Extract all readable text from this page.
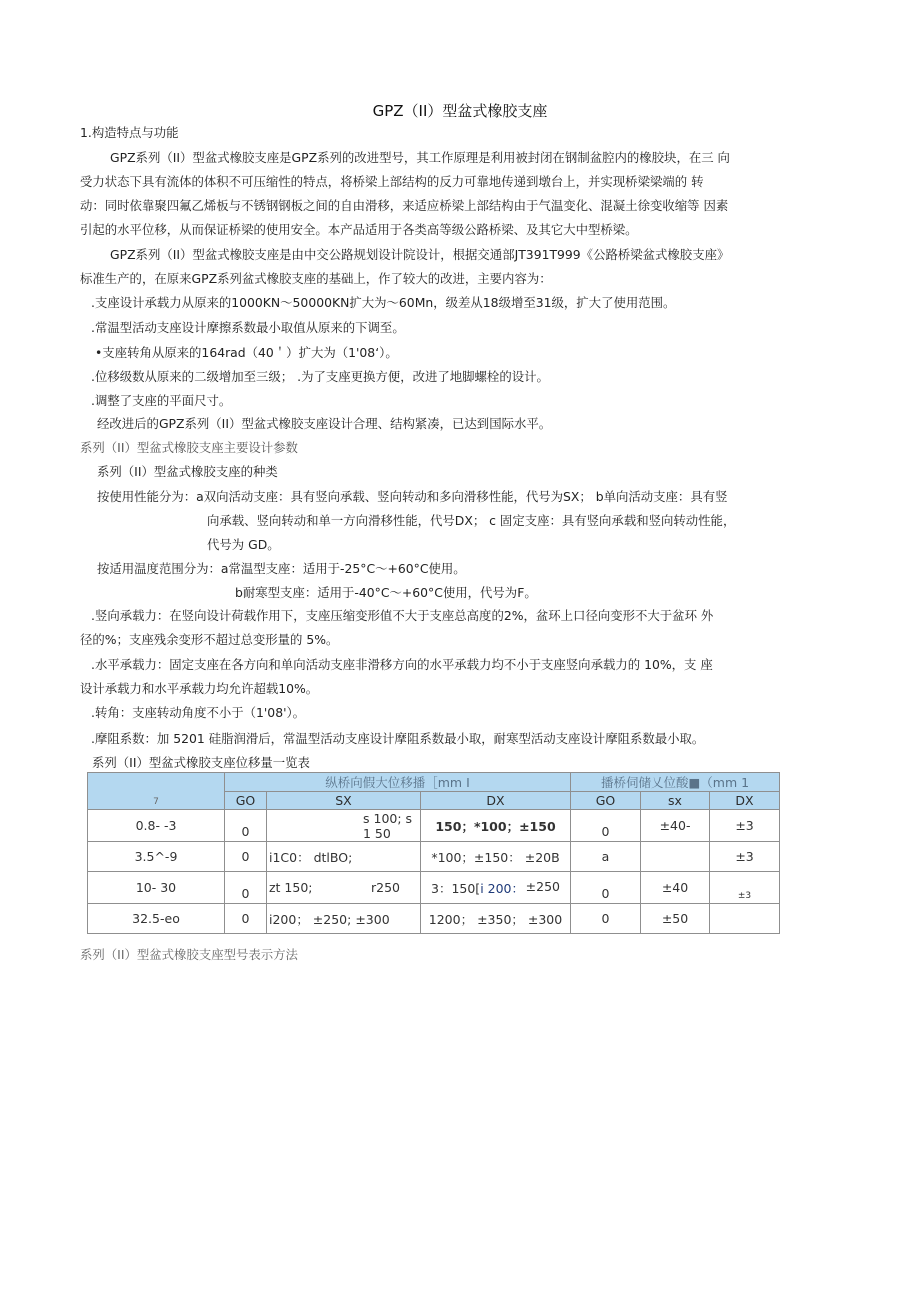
GPZ（II）型盆式橡胶支座
1.构造特点与功能
GPZ系列（II）型盆式橡胶支座是GPZ系列的改进型号，其工作原理是利用被封闭在钢制盆腔内的橡胶块，在三 向
受力状态下具有流体的体积不可压缩性的特点，将桥梁上部结构的反力可靠地传递到墩台上，并实现桥梁梁端的 转
动：同时依靠聚四氟乙烯板与不锈钢钢板之间的自由滑移，来适应桥梁上部结构由于气温变化、混凝土徐变收缩等 因素
引起的水平位移，从而保证桥梁的使用安全。本产品适用于各类高等级公路桥梁、及其它大中型桥梁。
GPZ系列（II）型盆式橡胶支座是由中交公路规划设计院设计，根据交通部JT391T999《公路桥梁盆式橡胶支座》
标准生产的，在原来GPZ系列盆式橡胶支座的基础上，作了较大的改进，主要内容为：
.支座设计承载力从原来的1000KN～50000KN扩大为～60Mn，级差从18级增至31级，扩大了使用范围。
.常温型活动支座设计摩擦系数最小取值从原来的下调至。
•支座转角从原来的164rad（40＇）扩大为（1'08‘）。
.位移级数从原来的二级增加至三级； .为了支座更换方便，改进了地脚螺栓的设计。
.调整了支座的平面尺寸。
经改进后的GPZ系列（II）型盆式橡胶支座设计合理、结构紧凑，已达到国际水平。
系列（II）型盆式橡胶支座主要设计参数
系列（II）型盆式橡胶支座的种类
按使用性能分为：a双向活动支座：具有竖向承载、竖向转动和多向滑移性能，代号为SX； b单向活动支座：具有竖
向承载、竖向转动和单一方向滑移性能，代号DX； c 固定支座：具有竖向承载和竖向转动性能，
代号为 GD。
按适用温度范围分为：a常温型支座：适用于-25°C～+60°C使用。
b耐寒型支座：适用于-40°C～+60°C使用，代号为F。
.竖向承载力：在竖向设计荷载作用下，支座压缩变形值不大于支座总高度的2%，盆环上口径向变形不大于盆环 外
径的%；支座残余变形不超过总变形量的 5%。
.水平承载力：固定支座在各方向和单向活动支座非滑移方向的水平承载力均不小于支座竖向承载力的 10%，支 座
设计承载力和水平承载力均允许超载10%。
.转角：支座转动角度不小于（1'08'）。
.摩阻系数：加 5201 硅脂润滑后，常温型活动支座设计摩阻系数最小取，耐寒型活动支座设计摩阻系数最小取。
系列（II）型盆式橡胶支座位移量一览表
7	纵桥向假大位移播［mm I			播桥伺储乂位酸■（mm 1		
	GO	SX	DX	GO	sx	DX
0.8- -3	0	s 100; s 1 50	150；*100；±150	0	±40-	±3
3.5^-9	0	i1C0： dtlBO;	*100；±150： ±20B	a		±3
10- 30	0	zt 150; r250	3：150[i 200： ±250	0	±40	±3
32.5-eo	0	i200； ±250; ±300	1200； ±350； ±300	0	±50	
系列（II）型盆式橡胶支座型号表示方法
